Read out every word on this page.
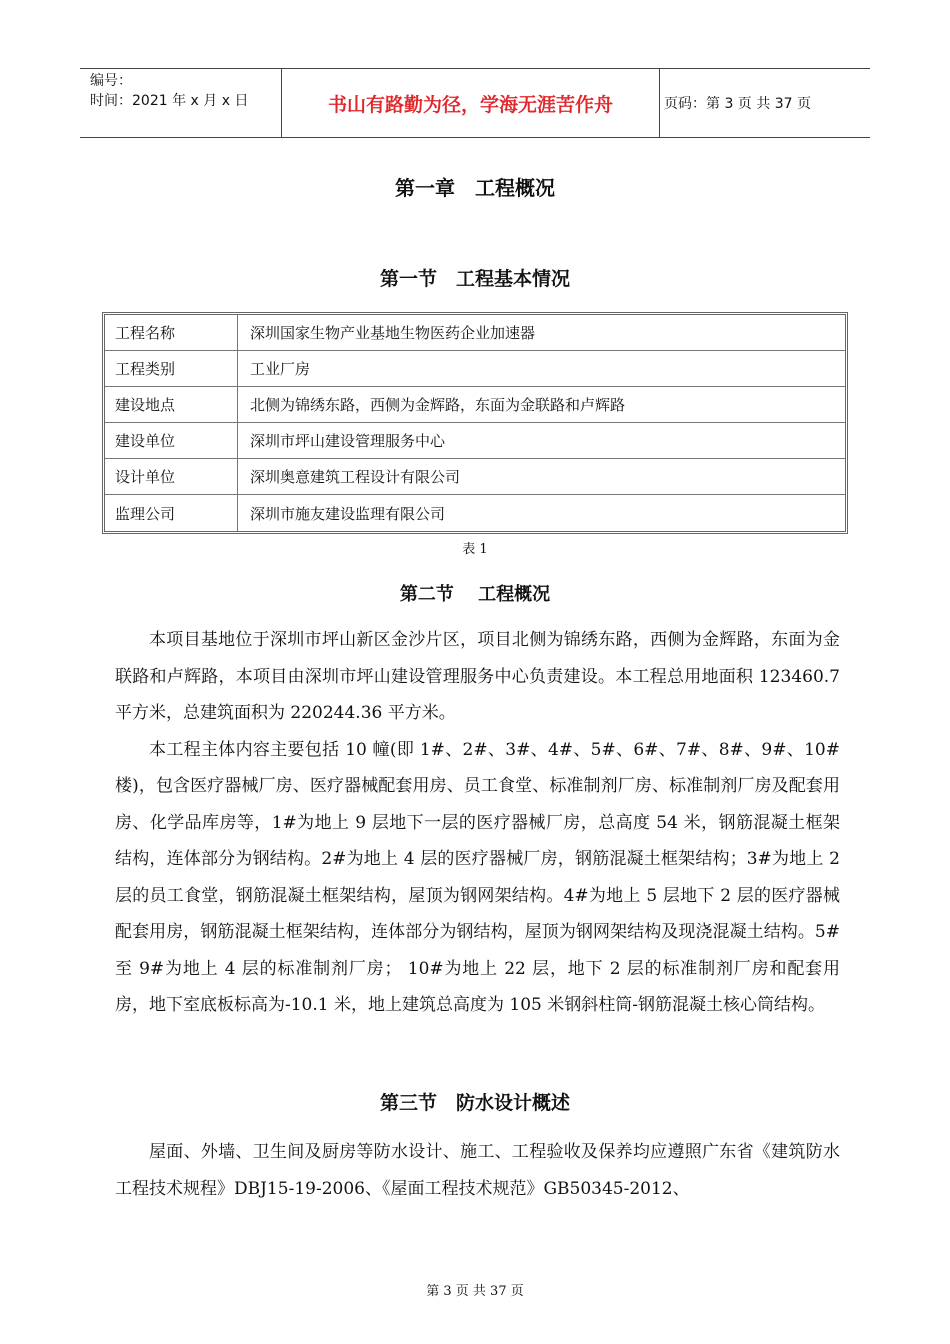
编号：
时间：2021 年 x 月 x 日	书山有路勤为径，学海无涯苦作舟	页码：第 3 页 共 37 页
第一章　工程概况
第一节　工程基本情况
工程名称	深圳国家生物产业基地生物医药企业加速器
工程类别	工业厂房
建设地点	北侧为锦绣东路，西侧为金辉路，东面为金联路和卢辉路
建设单位	深圳市坪山建设管理服务中心
设计单位	深圳奥意建筑工程设计有限公司
监理公司	深圳市施友建设监理有限公司
表 1
第二节　 工程概况

本项目基地位于深圳市坪山新区金沙片区，项目北侧为锦绣东路，西侧为金辉路，东面为金联路和卢辉路，本项目由深圳市坪山建设管理服务中心负责建设。本工程总用地面积 123460.7 平方米，总建筑面积为 220244.36 平方米。

本工程主体内容主要包括 10 幢(即 1#、2#、3#、4#、5#、6#、7#、8#、9#、10#楼)，包含医疗器械厂房、医疗器械配套用房、员工食堂、标准制剂厂房、标准制剂厂房及配套用房、化学品库房等，1#为地上 9 层地下一层的医疗器械厂房，总高度 54 米，钢筋混凝土框架结构，连体部分为钢结构。2#为地上 4 层的医疗器械厂房，钢筋混凝土框架结构；3#为地上 2 层的员工食堂，钢筋混凝土框架结构，屋顶为钢网架结构。4#为地上 5 层地下 2 层的医疗器械配套用房，钢筋混凝土框架结构，连体部分为钢结构，屋顶为钢网架结构及现浇混凝土结构。5#至 9#为地上 4 层的标准制剂厂房； 10#为地上 22 层，地下 2 层的标准制剂厂房和配套用房，地下室底板标高为-10.1 米，地上建筑总高度为 105 米钢斜柱筒-钢筋混凝土核心筒结构。

第三节　防水设计概述

屋面、外墙、卫生间及厨房等防水设计、施工、工程验收及保养均应遵照广东省《建筑防水工程技术规程》DBJ15-19-2006、《屋面工程技术规范》GB50345-2012、

第 3 页 共 37 页
